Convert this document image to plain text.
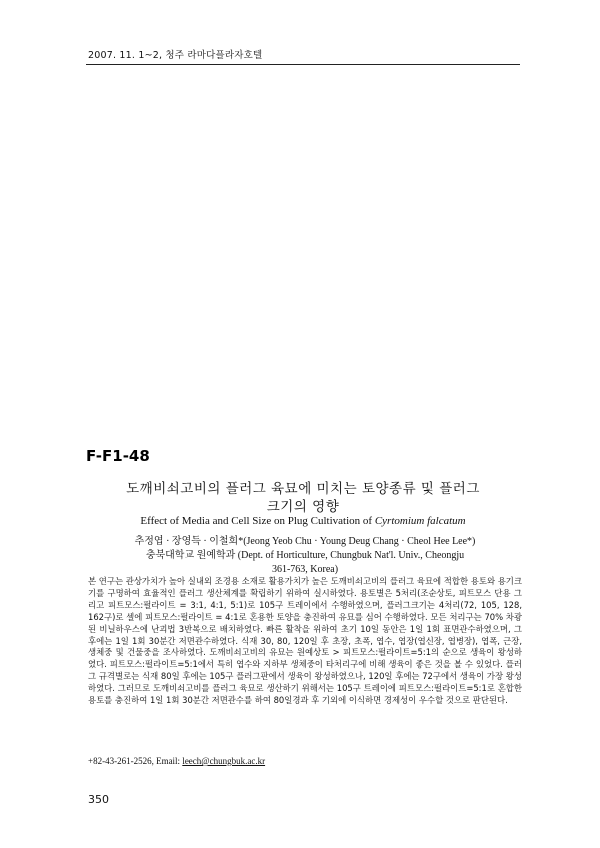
2007. 11. 1~2, 청주 라마다플라자호텔
F-F1-48
도깨비쇠고비의 플러그 육묘에 미치는 토양종류 및 플러그
크기의 영향
Effect of Media and Cell Size on Plug Cultivation of Cyrtomium falcatum
추정엽 · 장영득 · 이철희*(Jeong Yeob Chu · Young Deug Chang · Cheol Hee Lee*)
충북대학교 원예학과 (Dept. of Horticulture, Chungbuk Nat'l. Univ., Cheongju
361-763, Korea)
본 연구는 관상가치가 높아 실내외 조경용 소재로 활용가치가 높은 도깨비쇠고비의 플러그 육묘에 적합한 용토와 용기크기를 구명하여 효율적인 플러그 생산체계를 확립하기 위하여 실시하였다. 용토별은 5처리(조순상토, 피트모스 단용 그리고 피트모스:펄라이트 = 3:1, 4:1, 5:1)로 105구 트레이에서 수행하였으며, 플러그크기는 4처리(72, 105, 128, 162구)로 셀에 피트모스:펄라이트 = 4:1로 혼용한 토양을 충진하여 유묘를 심어 수행하였다. 모든 처리구는 70% 차광된 비닐하우스에 난괴법 3반복으로 배치하였다. 빠른 활착을 위하여 초기 10일 동안은 1일 1회 표면관수하였으며, 그 후에는 1일 1회 30분간 저면관수하였다. 식재 30, 80, 120일 후 초장, 초폭, 엽수, 엽장(엽신장, 엽병장), 엽폭, 근장, 생체중 및 건물중을 조사하였다. 도깨비쇠고비의 유묘는 원예상토 > 피트모스:펄라이트=5:1의 순으로 생육이 왕성하였다. 피트모스:펄라이트=5:1에서 특히 엽수와 지하부 생체중이 타처리구에 비해 생육이 좋은 것을 볼 수 있었다. 플러그 규격별로는 식재 80일 후에는 105구 플러그판에서 생육이 왕성하였으나, 120일 후에는 72구에서 생육이 가장 왕성하였다. 그러므로 도깨비쇠고비를 플러그 육묘로 생산하기 위해서는 105구 트레이에 피트모스:펄라이트=5:1로 혼합한 용토를 충진하여 1일 1회 30분간 저면관수를 하여 80일경과 후 기외에 이식하면 경제성이 우수할 것으로 판단된다.
+82-43-261-2526, Email: leech@chungbuk.ac.kr
350
